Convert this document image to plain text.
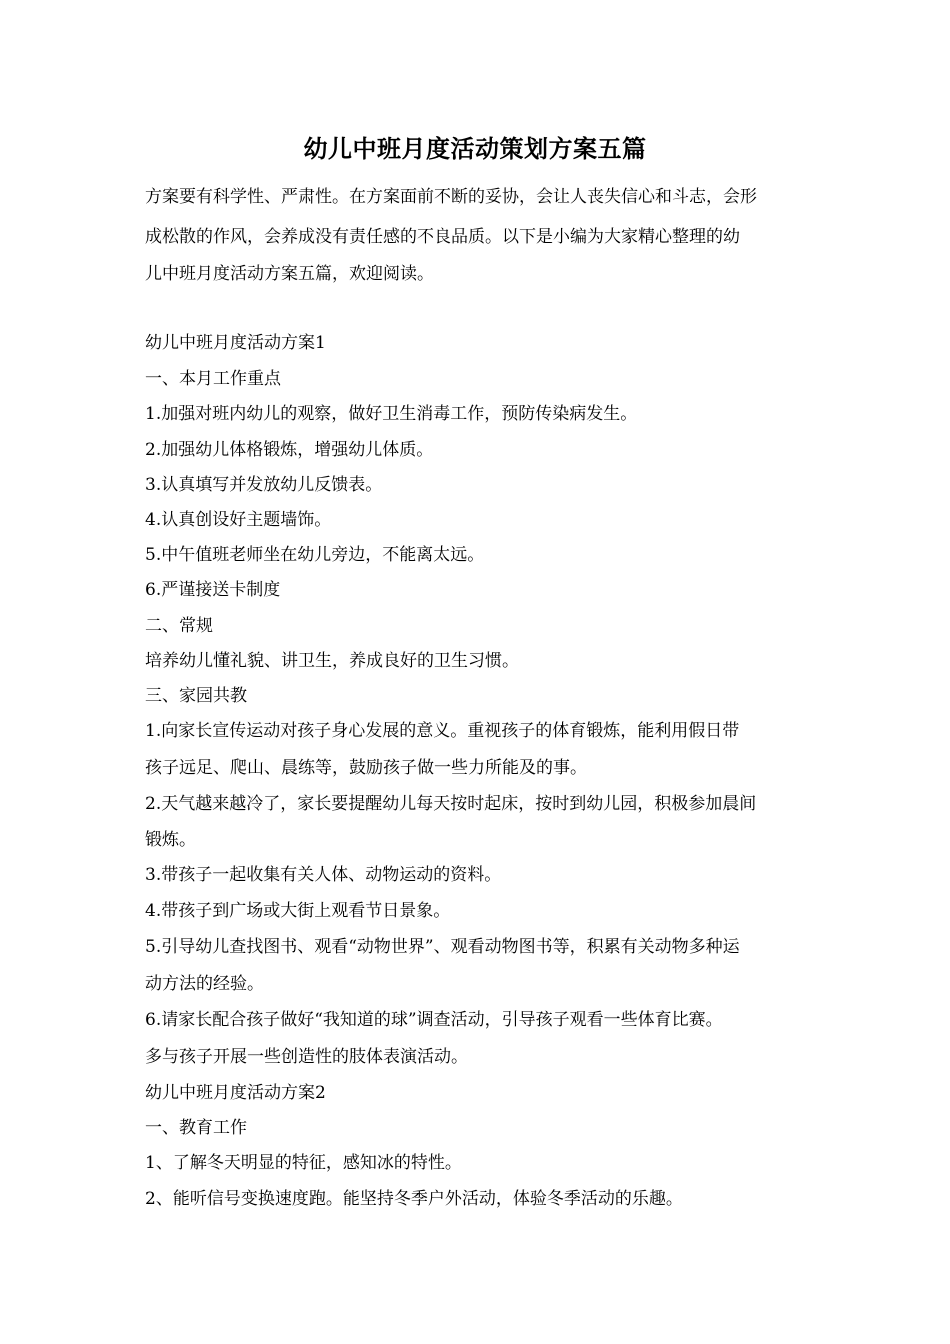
幼儿中班月度活动策划方案五篇
方案要有科学性、严肃性。在方案面前不断的妥协，会让人丧失信心和斗志，会形
成松散的作风，会养成没有责任感的不良品质。以下是小编为大家精心整理的幼
儿中班月度活动方案五篇，欢迎阅读。
幼儿中班月度活动方案1
一、本月工作重点
1.加强对班内幼儿的观察，做好卫生消毒工作，预防传染病发生。
2.加强幼儿体格锻炼，增强幼儿体质。
3.认真填写并发放幼儿反馈表。
4.认真创设好主题墙饰。
5.中午值班老师坐在幼儿旁边，不能离太远。
6.严谨接送卡制度
二、常规
培养幼儿懂礼貌、讲卫生，养成良好的卫生习惯。
三、家园共教
1.向家长宣传运动对孩子身心发展的意义。重视孩子的体育锻炼，能利用假日带
孩子远足、爬山、晨练等，鼓励孩子做一些力所能及的事。
2.天气越来越冷了，家长要提醒幼儿每天按时起床，按时到幼儿园，积极参加晨间
锻炼。
3.带孩子一起收集有关人体、动物运动的资料。
4.带孩子到广场或大街上观看节日景象。
5.引导幼儿查找图书、观看“动物世界”、观看动物图书等，积累有关动物多种运
动方法的经验。
6.请家长配合孩子做好“我知道的球”调查活动，引导孩子观看一些体育比赛。
多与孩子开展一些创造性的肢体表演活动。
幼儿中班月度活动方案2
一、教育工作
1、了解冬天明显的特征，感知冰的特性。
2、能听信号变换速度跑。能坚持冬季户外活动，体验冬季活动的乐趣。
